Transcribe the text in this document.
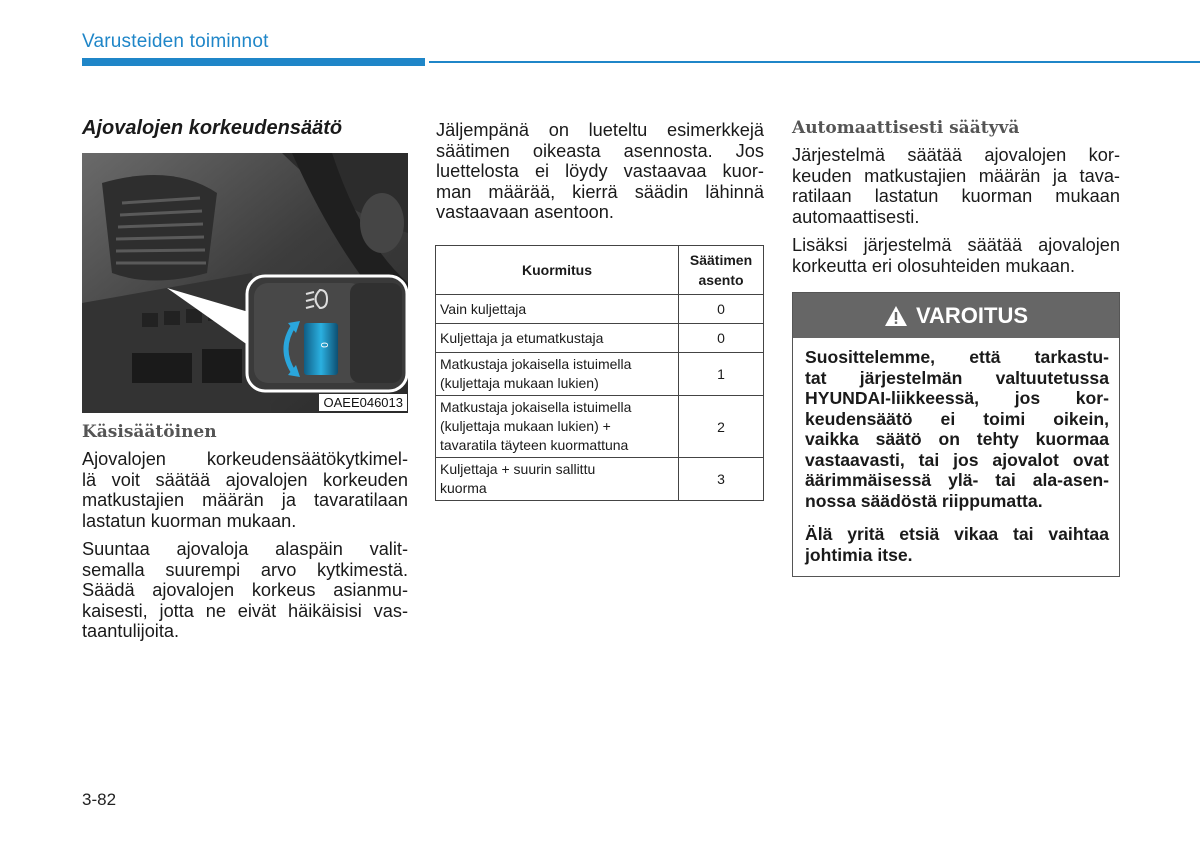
Varusteiden toiminnot
Ajovalojen korkeudensäätö
0
OAEE046013
Käsisäätöinen
Ajovalojen korkeudensäätökytkimel-
lä voit säätää ajovalojen korkeuden
matkustajien määrän ja tavaratilaan
lastatun kuorman mukaan.
Suuntaa ajovaloja alaspäin valit-
semalla suurempi arvo kytkimestä.
Säädä ajovalojen korkeus asianmu-
kaisesti, jotta ne eivät häikäisisi vas-
taantulijoita.
Jäljempänä on lueteltu esimerkkejä
säätimen oikeasta asennosta. Jos
luettelosta ei löydy vastaavaa kuor-
man määrää, kierrä säädin lähinnä
vastaavaan asentoon.
Kuormitus	Säätimen
asento

Vain kuljettaja	0

Kuljettaja ja etumatkustaja	0

Matkustaja jokaisella istuimella
(kuljettaja mukaan lukien)	1

Matkustaja jokaisella istuimella
(kuljettaja mukaan lukien) +
tavaratila täyteen kuormattuna	2

Kuljettaja + suurin sallittu
kuorma	3
Automaattisesti säätyvä
Järjestelmä säätää ajovalojen kor-
keuden matkustajien määrän ja tava-
ratilaan lastatun kuorman mukaan
automaattisesti.
Lisäksi järjestelmä säätää ajovalojen
korkeutta eri olosuhteiden mukaan.
VAROITUS
Suosittelemme, että tarkastu-
tat järjestelmän valtuutetussa
HYUNDAI-liikkeessä, jos kor-
keudensäätö ei toimi oikein,
vaikka säätö on tehty kuormaa
vastaavasti, tai jos ajovalot ovat
äärimmäisessä ylä- tai ala-asen-
nossa säädöstä riippumatta.
Älä yritä etsiä vikaa tai vaihtaa
johtimia itse.
3-82
